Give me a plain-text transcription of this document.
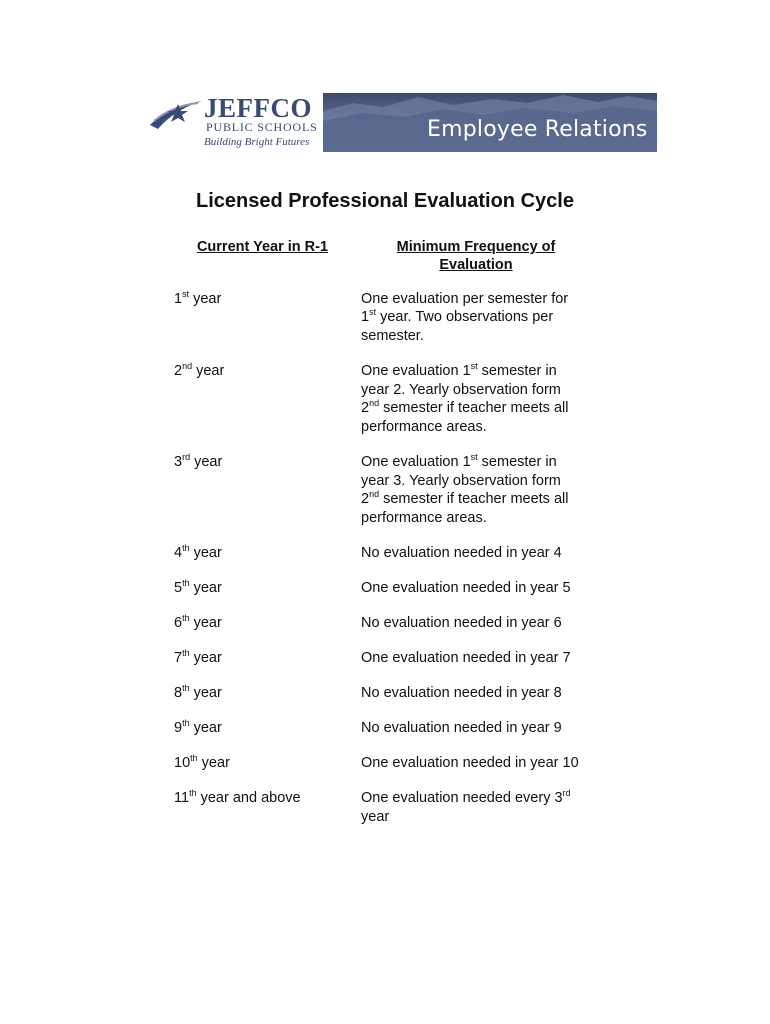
JEFFCO
PUBLIC SCHOOLS
Building Bright Futures	Employee Relations
Licensed Professional Evaluation Cycle
Current Year in R-1	Minimum Frequency of
Evaluation
1st year	One evaluation per semester for
1st year. Two observations per
semester.
2nd year	One evaluation 1st semester in
year 2. Yearly observation form
2nd semester if teacher meets all
performance areas.
3rd year	One evaluation 1st semester in
year 3. Yearly observation form
2nd semester if teacher meets all
performance areas.
4th year	No evaluation needed in year 4
5th year	One evaluation needed in year 5
6th year	No evaluation needed in year 6
7th year	One evaluation needed in year 7
8th year	No evaluation needed in year 8
9th year	No evaluation needed in year 9
10th year	One evaluation needed in year 10
11th year and above	One evaluation needed every 3rd
year
